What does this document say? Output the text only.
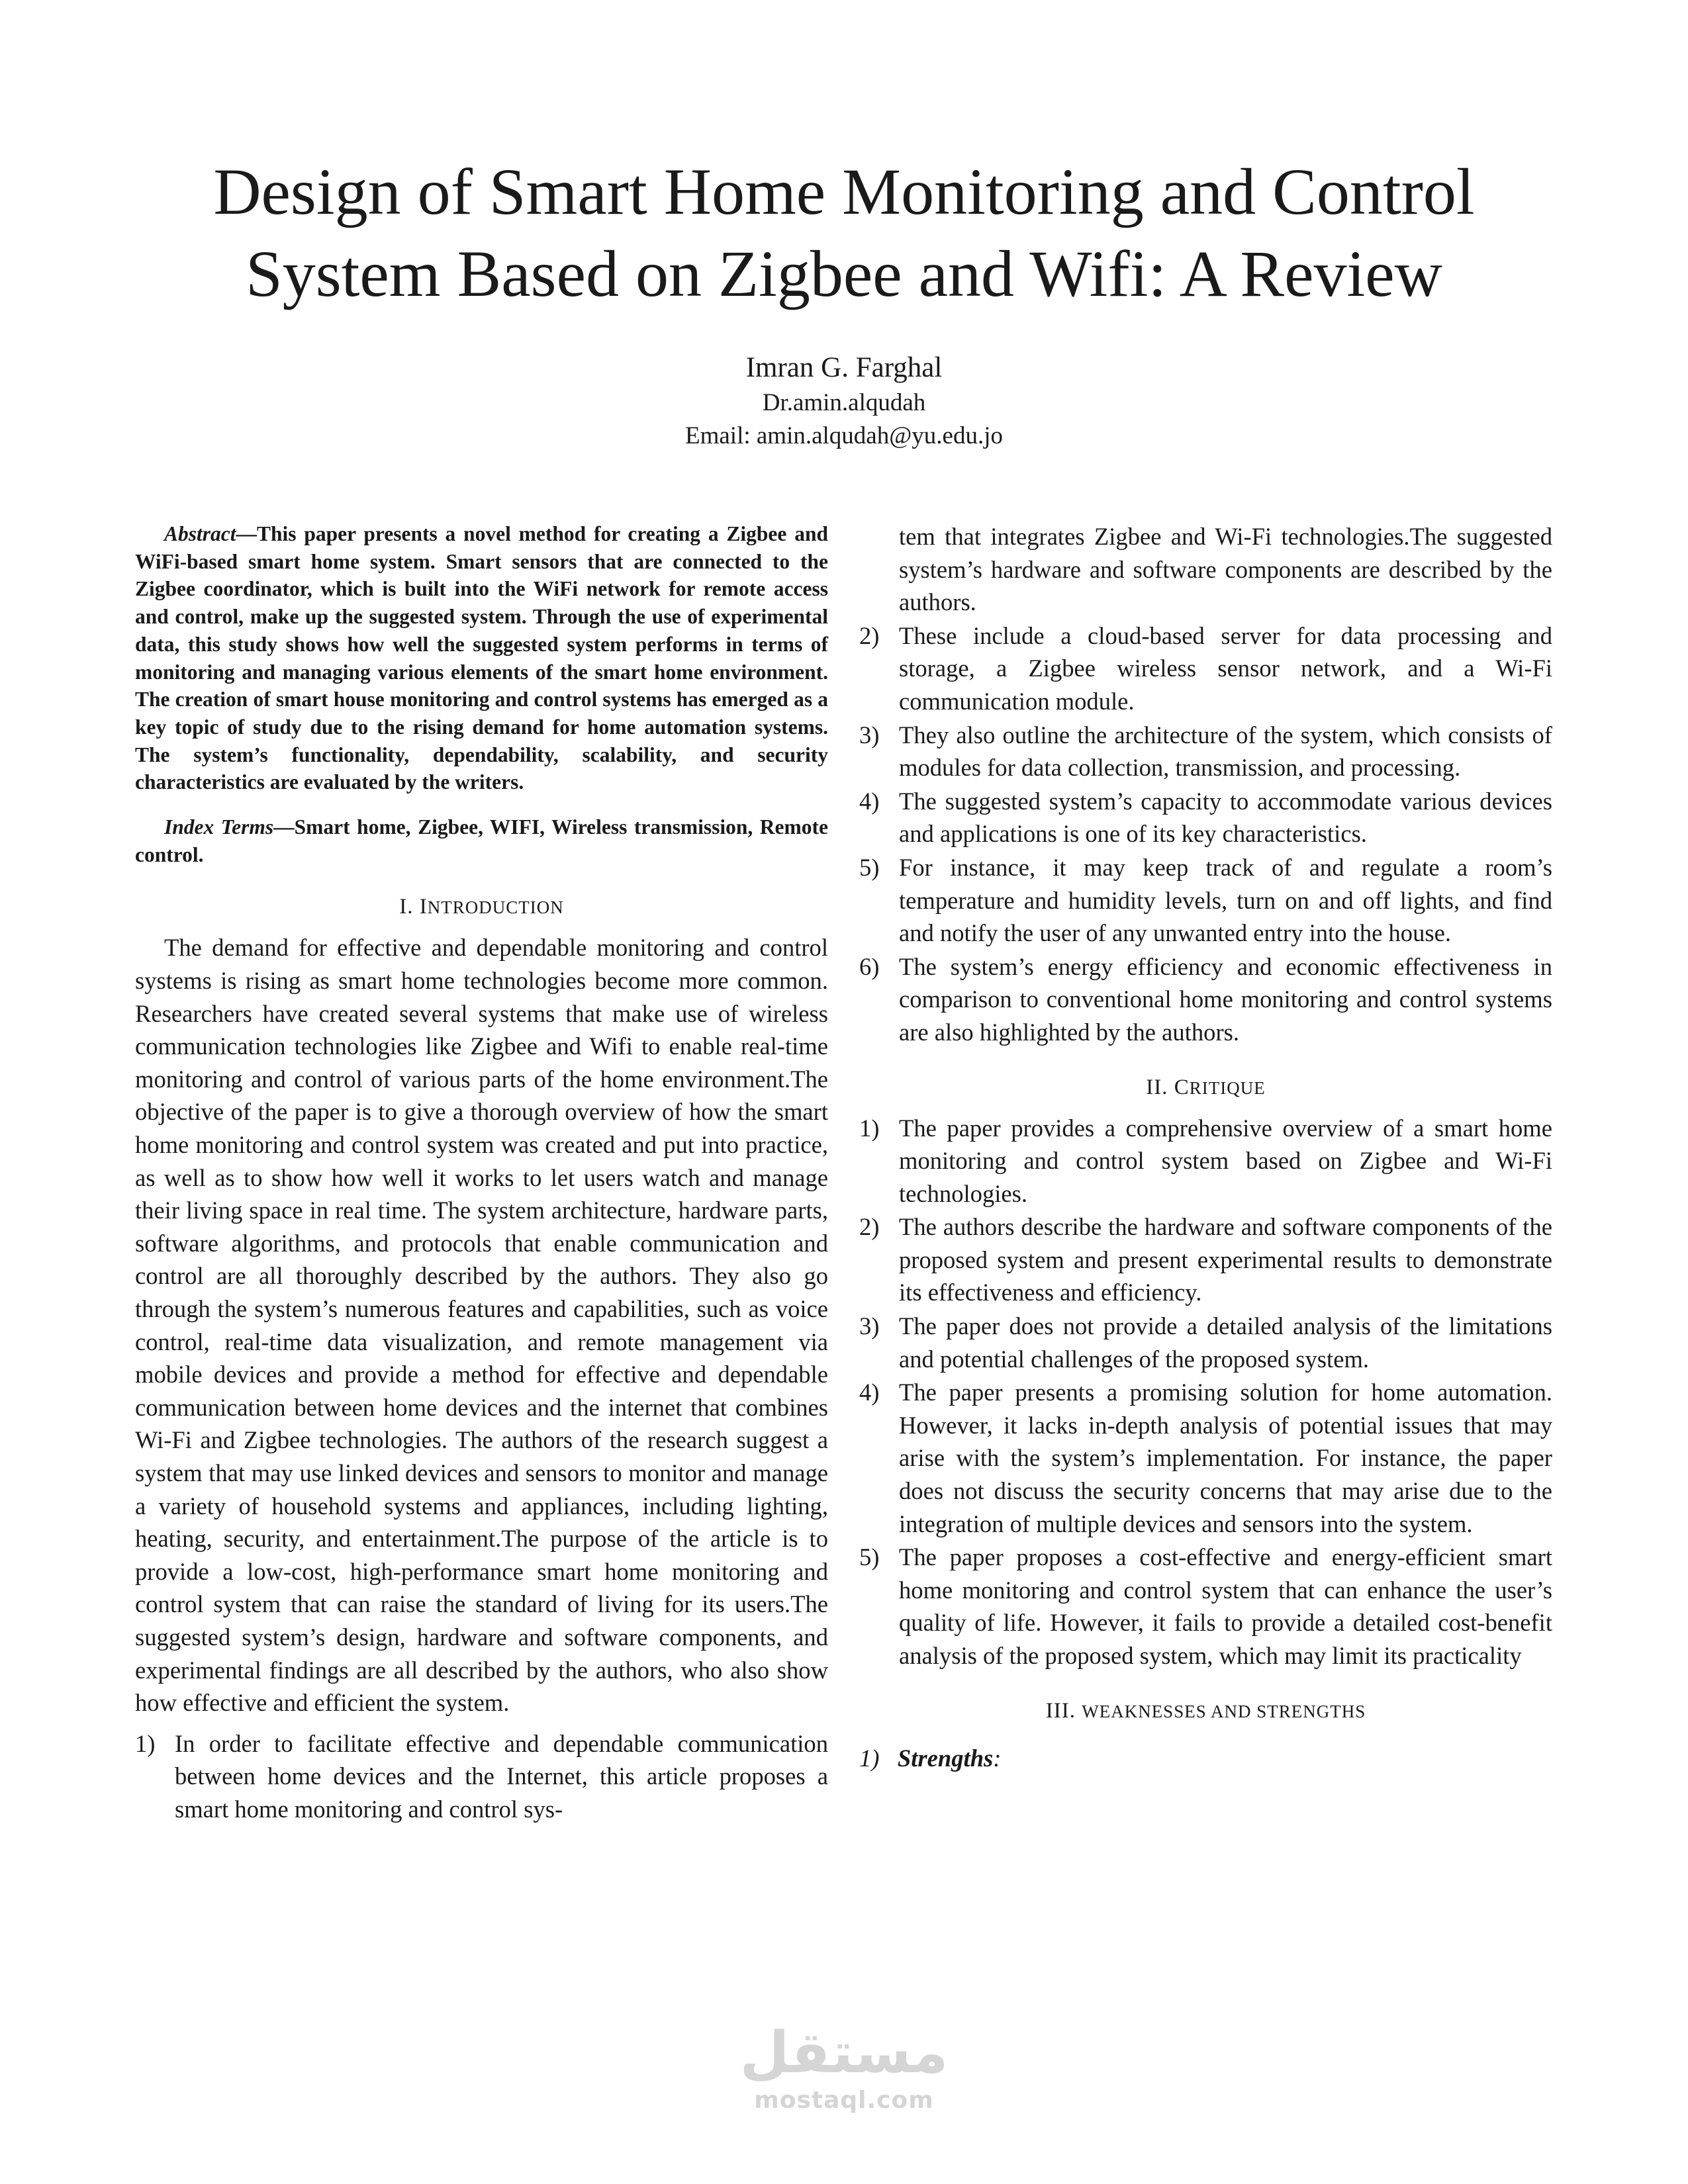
Design of Smart Home Monitoring and Control
System Based on Zigbee and Wifi: A Review
Imran G. Farghal
Dr.amin.alqudah
Email: amin.alqudah@yu.edu.jo

Abstract—This paper presents a novel method for creating a Zigbee and WiFi-based smart home system. Smart sensors that are connected to the Zigbee coordinator, which is built into the WiFi network for remote access and control, make up the suggested system. Through the use of experimental data, this study shows how well the suggested system performs in terms of monitoring and managing various elements of the smart home environment. The creation of smart house monitoring and control systems has emerged as a key topic of study due to the rising demand for home automation systems. The system’s functionality, dependability, scalability, and security characteristics are evaluated by the writers.

Index Terms—Smart home, Zigbee, WIFI, Wireless transmission, Remote control.

I. INTRODUCTION

The demand for effective and dependable monitoring and control systems is rising as smart home technologies become more common. Researchers have created several systems that make use of wireless communication technologies like Zigbee and Wifi to enable real-time monitoring and control of various parts of the home environment.The objective of the paper is to give a thorough overview of how the smart home monitoring and control system was created and put into practice, as well as to show how well it works to let users watch and manage their living space in real time. The system architecture, hardware parts, software algorithms, and protocols that enable communication and control are all thoroughly described by the authors. They also go through the system’s numerous features and capabilities, such as voice control, real-time data visualization, and remote management via mobile devices and provide a method for effective and dependable communication between home devices and the internet that combines Wi-Fi and Zigbee technologies. The authors of the research suggest a system that may use linked devices and sensors to monitor and manage a variety of household systems and appliances, including lighting, heating, security, and entertainment.The purpose of the article is to provide a low-cost, high-performance smart home monitoring and control system that can raise the standard of living for its users.The suggested system’s design, hardware and software components, and experimental findings are all described by the authors, who also show how effective and efficient the system.

1) In order to facilitate effective and dependable communication between home devices and the Internet, this article proposes a smart home monitoring and control sys-
tem that integrates Zigbee and Wi-Fi technologies.The suggested system’s hardware and software components are described by the authors.
2) These include a cloud-based server for data processing and storage, a Zigbee wireless sensor network, and a Wi-Fi communication module.
3) They also outline the architecture of the system, which consists of modules for data collection, transmission, and processing.
4) The suggested system’s capacity to accommodate various devices and applications is one of its key characteristics.
5) For instance, it may keep track of and regulate a room’s temperature and humidity levels, turn on and off lights, and find and notify the user of any unwanted entry into the house.
6) The system’s energy efficiency and economic effectiveness in comparison to conventional home monitoring and control systems are also highlighted by the authors.
II. CRITIQUE
1) The paper provides a comprehensive overview of a smart home monitoring and control system based on Zigbee and Wi-Fi technologies.
2) The authors describe the hardware and software components of the proposed system and present experimental results to demonstrate its effectiveness and efficiency.
3) The paper does not provide a detailed analysis of the limitations and potential challenges of the proposed system.
4) The paper presents a promising solution for home automation. However, it lacks in-depth analysis of potential issues that may arise with the system’s implementation. For instance, the paper does not discuss the security concerns that may arise due to the integration of multiple devices and sensors into the system.
5) The paper proposes a cost-effective and energy-efficient smart home monitoring and control system that can enhance the user’s quality of life. However, it fails to provide a detailed cost-benefit analysis of the proposed system, which may limit its practicality
III. WEAKNESSES AND STRENGTHS
1) Strengths:
مستقل
mostaql.com
